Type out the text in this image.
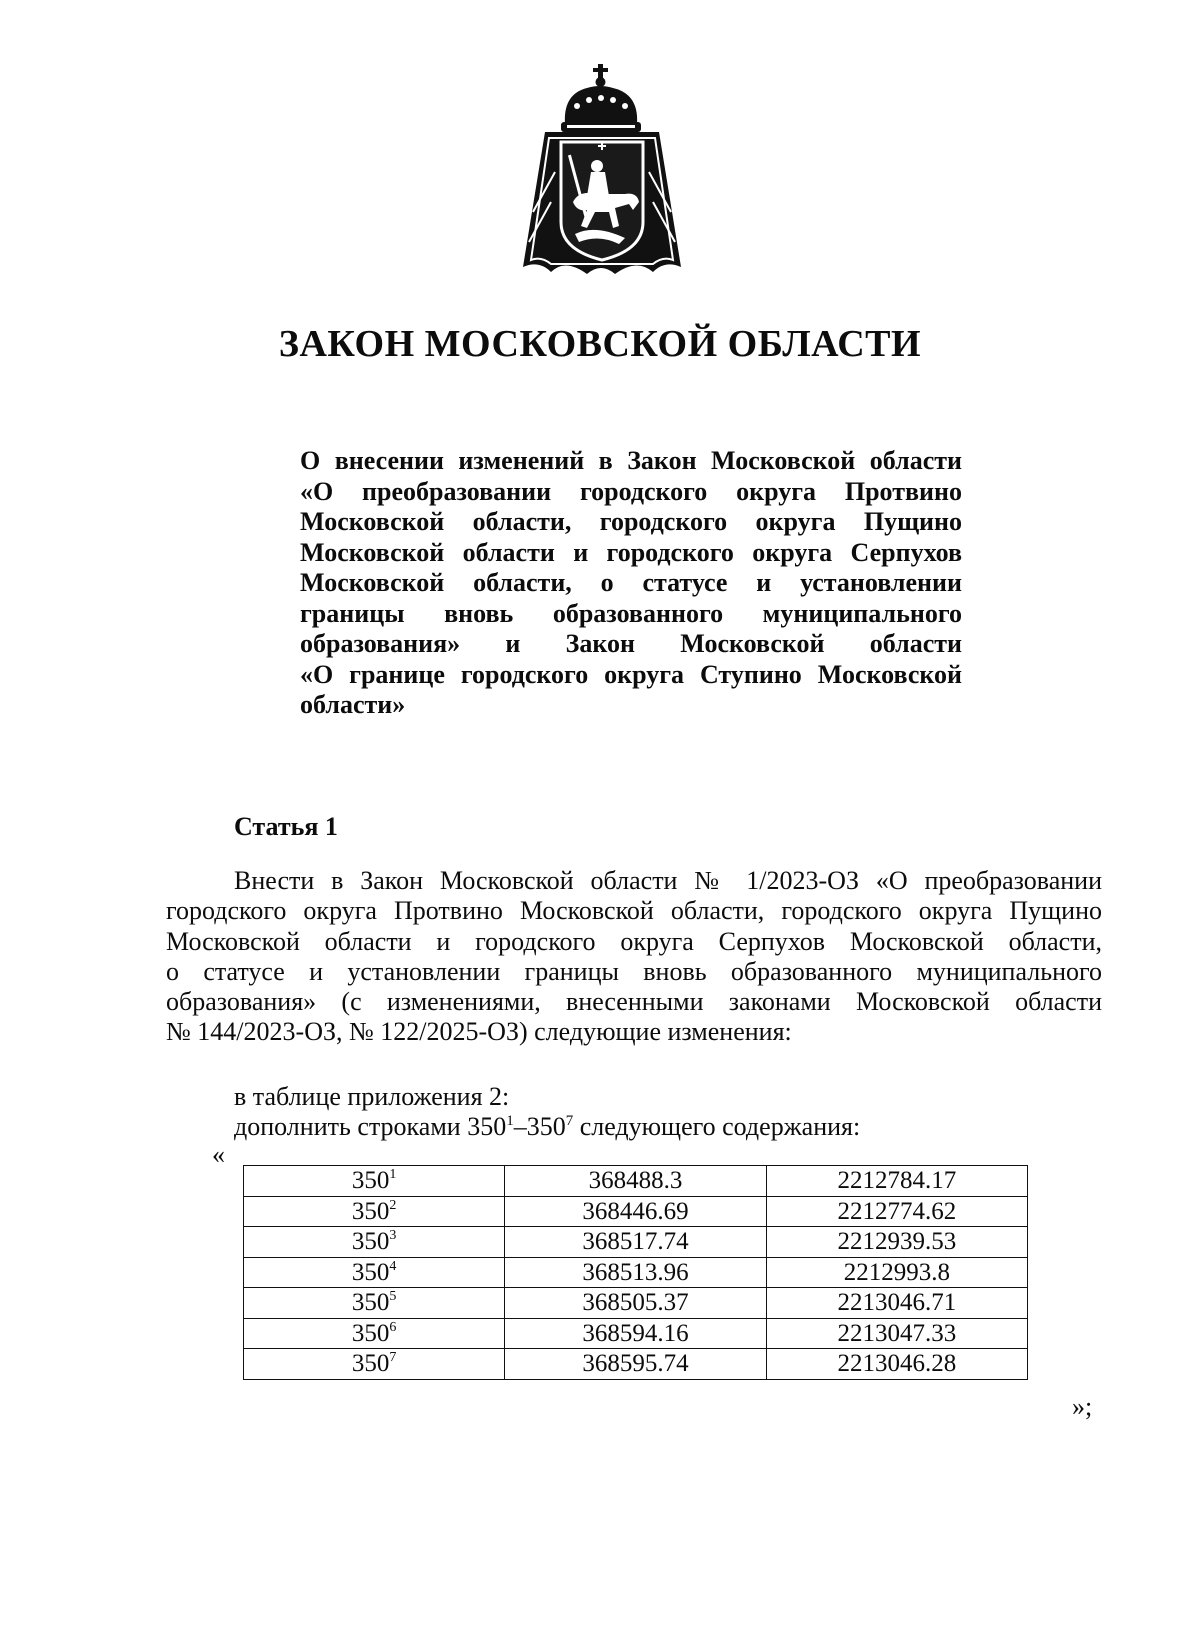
ЗАКОН МОСКОВСКОЙ ОБЛАСТИ
О внесении изменений в Закон Московской области
«О преобразовании городского округа Протвино
Московской области, городского округа Пущино
Московской области и городского округа Серпухов
Московской области, о статусе и установлении
границы вновь образованного муниципального
образования» и Закон Московской области
«О границе городского округа Ступино Московской
области»
Статья 1
Внести в Закон Московской области № 1/2023-ОЗ «О преобразовании
городского округа Протвино Московской области, городского округа Пущино
Московской области и городского округа Серпухов Московской области,
о статусе и установлении границы вновь образованного муниципального
образования» (с изменениями, внесенными законами Московской области
№ 144/2023-ОЗ, № 122/2025-ОЗ) следующие изменения:
в таблице приложения 2:
дополнить строками $350^1-350^7$ следующего содержания:
«
$350^1$	368488.3	2212784.17
$350^2$	368446.69	2212774.62
$350^3$	368517.74	2212939.53
$350^4$	368513.96	2212993.8
$350^5$	368505.37	2213046.71
$350^6$	368594.16	2213047.33
$350^7$	368595.74	2213046.28
»;
